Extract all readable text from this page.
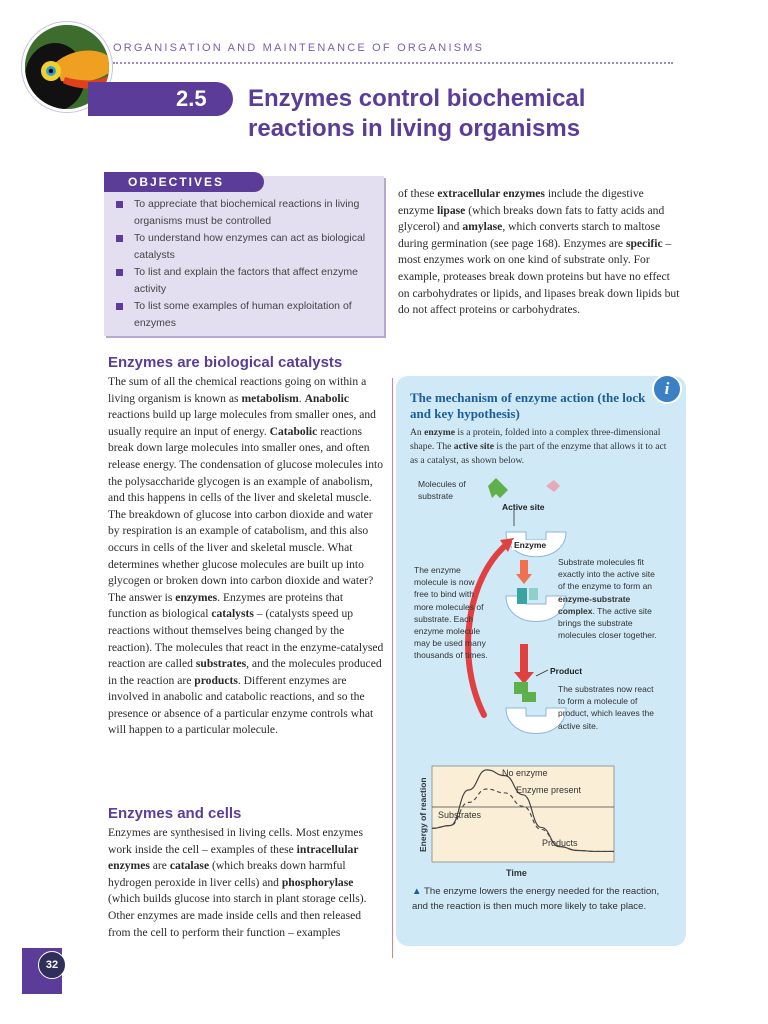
ORGANISATION AND MAINTENANCE OF ORGANISMS
2.5 Enzymes control biochemical reactions in living organisms
OBJECTIVES
To appreciate that biochemical reactions in living organisms must be controlled
To understand how enzymes can act as biological catalysts
To list and explain the factors that affect enzyme activity
To list some examples of human exploitation of enzymes
Enzymes are biological catalysts
The sum of all the chemical reactions going on within a living organism is known as metabolism. Anabolic reactions build up large molecules from smaller ones, and usually require an input of energy. Catabolic reactions break down large molecules into smaller ones, and often release energy. The condensation of glucose molecules into the polysaccharide glycogen is an example of anabolism, and this happens in cells of the liver and skeletal muscle. The breakdown of glucose into carbon dioxide and water by respiration is an example of catabolism, and this also occurs in cells of the liver and skeletal muscle. What determines whether glucose molecules are built up into glycogen or broken down into carbon dioxide and water? The answer is enzymes. Enzymes are proteins that function as biological catalysts – (catalysts speed up reactions without themselves being changed by the reaction). The molecules that react in the enzyme-catalysed reaction are called substrates, and the molecules produced in the reaction are products. Different enzymes are involved in anabolic and catabolic reactions, and so the presence or absence of a particular enzyme controls what will happen to a particular molecule.
Enzymes and cells
Enzymes are synthesised in living cells. Most enzymes work inside the cell – examples of these intracellular enzymes are catalase (which breaks down harmful hydrogen peroxide in liver cells) and phosphorylase (which builds glucose into starch in plant storage cells). Other enzymes are made inside cells and then released from the cell to perform their function – examples
of these extracellular enzymes include the digestive enzyme lipase (which breaks down fats to fatty acids and glycerol) and amylase, which converts starch to maltose during germination (see page 168). Enzymes are specific – most enzymes work on one kind of substrate only. For example, proteases break down proteins but have no effect on carbohydrates or lipids, and lipases break down lipids but do not affect proteins or carbohydrates.
i
The mechanism of enzyme action (the lock and key hypothesis)
An enzyme is a protein, folded into a complex three-dimensional shape. The active site is the part of the enzyme that allows it to act as a catalyst, as shown below.
Molecules of substrate
Active site
Enzyme
The enzyme molecule is now free to bind with more molecules of substrate. Each enzyme molecule may be used many thousands of times.
Substrate molecules fit exactly into the active site of the enzyme to form an enzyme-substrate complex. The active site brings the substrate molecules closer together.
Product
The substrates now react to form a molecule of product, which leaves the active site.
No enzyme
Enzyme present
Substrates
Products
Energy of reaction
Time
▲ The enzyme lowers the energy needed for the reaction, and the reaction is then much more likely to take place.
32
